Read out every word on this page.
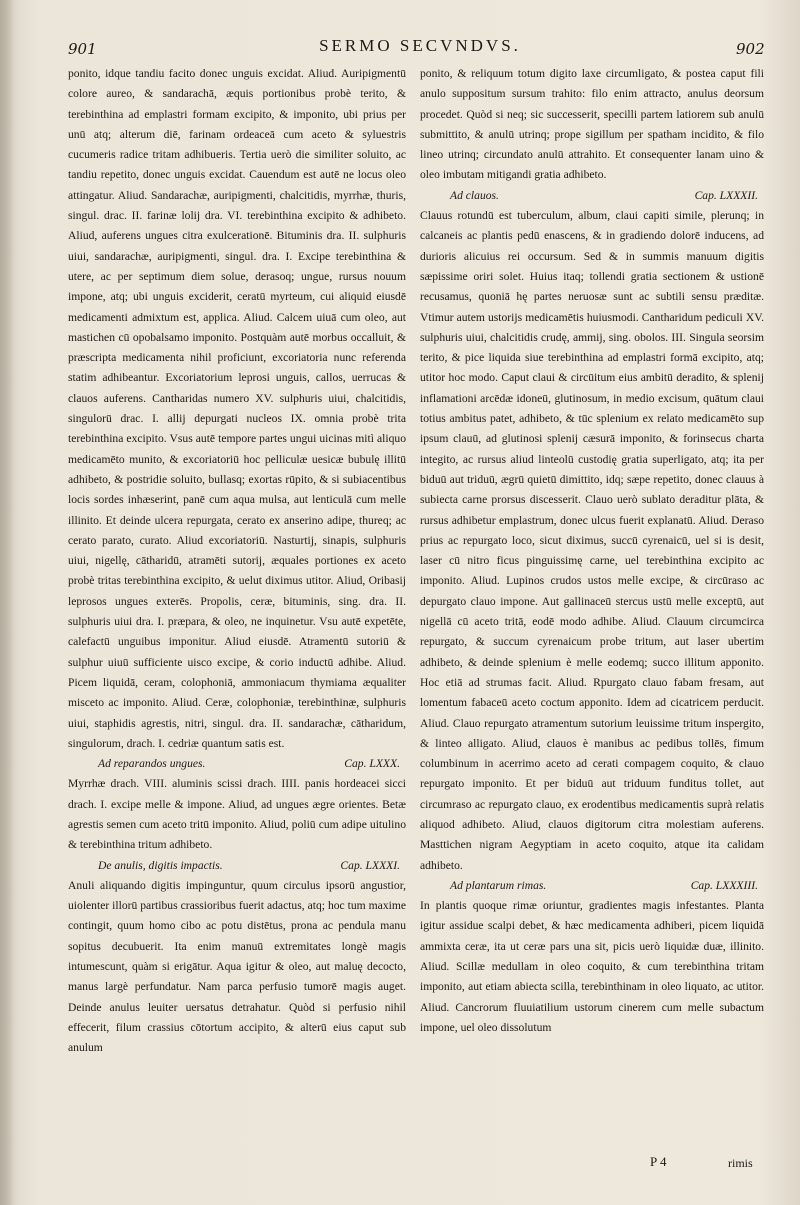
901	SERMO SECVNDVS.	902

ponito, idque tandiu facito donec unguis excidat. Aliud. Auripigmentū colore aureo, & sandarachā, æquis portionibus probè terito, & terebinthina ad emplastri formam excipito, & imponito, ubi prius per unū atq; alterum diē, farinam ordeaceā cum aceto & syluestris cucumeris radice tritam adhibueris. Tertia uerò die similiter soluito, ac tandiu repetito, donec unguis excidat. Cauendum est autē ne locus oleo attingatur. Aliud. Sandarachæ, auripigmenti, chalcitidis, myrrhæ, thuris, singul. drac. II. farinæ lolij dra. VI. terebinthina excipito & adhibeto. Aliud, auferens ungues citra exulcerationē. Bituminis dra. II. sulphuris uiui, sandarachæ, auripigmenti, singul. dra. I. Excipe terebinthina & utere, ac per septimum diem solue, derasoq; ungue, rursus nouum impone, atq; ubi unguis exciderit, ceratū myrteum, cui aliquid eiusdē medicamenti admixtum est, applica. Aliud. Calcem uiuā cum oleo, aut mastichen cū opobalsamo imponito. Postquàm autē morbus occalluit, & præscripta medicamenta nihil proficiunt, excoriatoria nunc referenda statim adhibeantur. Excoriatorium leprosi unguis, callos, uerrucas & clauos auferens. Cantharidas numero XV. sulphuris uiui, chalcitidis, singulorū drac. I. allij depurgati nucleos IX. omnia probè trita terebinthina excipito. Vsus autē tempore partes ungui uicinas mitì aliquo medicamēto munito, & excoriatoriū hoc pelliculæ uesicæ bubulę illitū adhibeto, & postridie soluito, bullasq; exortas rūpito, & si subiacentibus locis sordes inhæserint, panē cum aqua mulsa, aut lenticulā cum melle illinito. Et deinde ulcera repurgata, cerato ex anserino adipe, thureq; ac cerato parato, curato. Aliud excoriatoriū. Nasturtij, sinapis, sulphuris uiui, nigellę, cātharidū, atramēti sutorij, æquales portiones ex aceto probè tritas terebinthina excipito, & uelut diximus utitor. Aliud, Oribasij leprosos ungues exterēs. Propolis, ceræ, bituminis, sing. dra. II. sulphuris uiui dra. I. præpara, & oleo, ne inquinetur. Vsu autē expetēte, calefactū unguibus imponitur. Aliud eiusdē. Atramentū sutoriū & sulphur uiuū sufficiente uisco excipe, & corio inductū adhibe. Aliud. Picem liquidā, ceram, colophoniā, ammoniacum thymiama æqualiter misceto ac imponito. Aliud. Ceræ, colophoniæ, terebinthinæ, sulphuris uiui, staphidis agrestis, nitri, singul. dra. II. sandarachæ, cātharidum, singulorum, drach. I. cedriæ quantum satis est.

Ad reparandos ungues.	Cap. LXXX.

Myrrhæ drach. VIII. aluminis scissi drach. IIII. panis hordeacei sicci drach. I. excipe melle & impone. Aliud, ad ungues ægre orientes. Betæ agrestis semen cum aceto tritū imponito. Aliud, poliū cum adipe uitulino & terebinthina tritum adhibeto.

De anulis, digitis impactis.	Cap. LXXXI.

Anuli aliquando digitis impinguntur, quum circulus ipsorū angustior, uiolenter illorū partibus crassioribus fuerit adactus, atq; hoc tum maxime contingit, quum homo cibo ac potu distētus, prona ac pendula manu sopitus decubuerit. Ita enim manuū extremitates longè magis intumescunt, quàm si erigātur. Aqua igitur & oleo, aut maluę decocto, manus largè perfundatur. Nam parca perfusio tumorē magis auget. Deinde anulus leuiter uersatus detrahatur. Quòd si perfusio nihil effecerit, filum crassius cōtortum accipito, & alterū eius caput sub anulum

ponito, & reliquum totum digito laxe circumligato, & postea caput fili anulo suppositum sursum trahito: filo enim attracto, anulus deorsum procedet. Quòd si neq; sic successerit, specilli partem latiorem sub anulū submittito, & anulū utrinq; prope sigillum per spatham incidito, & filo lineo utrinq; circundato anulū attrahito. Et consequenter lanam uino & oleo imbutam mitigandi gratia adhibeto.

Ad clauos.	Cap. LXXXII.

Clauus rotundū est tuberculum, album, claui capiti simile, plerunq; in calcaneis ac plantis pedū enascens, & in gradiendo dolorē inducens, ad durioris alicuius rei occursum. Sed & in summis manuum digitis sæpissime oriri solet. Huius itaq; tollendi gratia sectionem & ustionē recusamus, quoniā hę partes neruosæ sunt ac subtili sensu præditæ. Vtimur autem ustorijs medicamētis huiusmodi. Cantharidum pediculi XV. sulphuris uiui, chalcitidis crudę, ammij, sing. obolos. III. Singula seorsim terito, & pice liquida siue terebinthina ad emplastri formā excipito, atq; utitor hoc modo. Caput claui & circūitum eius ambitū deradito, & splenij inflamationi arcēdæ idoneū, glutinosum, in medio excisum, quātum claui totius ambitus patet, adhibeto, & tūc splenium ex relato medicamēto sup ipsum clauū, ad glutinosi splenij cæsurā imponito, & forinsecus charta integito, ac rursus aliud linteolū custodię gratia superligato, atq; ita per biduū aut triduū, ægrū quietū dimittito, idq; sæpe repetito, donec clauus à subiecta carne prorsus discesserit. Clauo uerò sublato deraditur plāta, & rursus adhibetur emplastrum, donec ulcus fuerit explanatū. Aliud. Deraso prius ac repurgato loco, sicut diximus, succū cyrenaicū, uel si is desit, laser cū nitro ficus pinguissimę carne, uel terebinthina excipito ac imponito. Aliud. Lupinos crudos ustos melle excipe, & circūraso ac depurgato clauo impone. Aut gallinaceū stercus ustū melle exceptū, aut nigellā cū aceto tritā, eodē modo adhibe. Aliud. Clauum circumcirca repurgato, & succum cyrenaicum probe tritum, aut laser ubertim adhibeto, & deinde splenium è melle eodemq; succo illitum apponito. Hoc etiā ad strumas facit. Aliud. Rpurgato clauo fabam fresam, aut lomentum fabaceū aceto coctum apponito. Idem ad cicatricem perducit. Aliud. Clauo repurgato atramentum sutorium leuissime tritum inspergito, & linteo alligato. Aliud, clauos è manibus ac pedibus tollēs, fimum columbinum in acerrimo aceto ad cerati compagem coquito, & clauo repurgato imponito. Et per biduū aut triduum funditus tollet, aut circumraso ac repurgato clauo, ex erodentibus medicamentis suprà relatis aliquod adhibeto. Aliud, clauos digitorum citra molestiam auferens. Masttichen nigram Aegyptiam in aceto coquito, atque ita calidam adhibeto.

Ad plantarum rimas.	Cap. LXXXIII.

In plantis quoque rimæ oriuntur, gradientes magis infestantes. Planta igitur assidue scalpi debet, & hæc medicamenta adhiberi, picem liquidā ammixta ceræ, ita ut ceræ pars una sit, picis uerò liquidæ duæ, illinito. Aliud. Scillæ medullam in oleo coquito, & cum terebinthina tritam imponito, aut etiam abiecta scilla, terebinthinam in oleo liquato, ac utitor. Aliud. Cancrorum fluuiatilium ustorum cinerem cum melle subactum impone, uel oleo dissolutum

P 4	rimis
